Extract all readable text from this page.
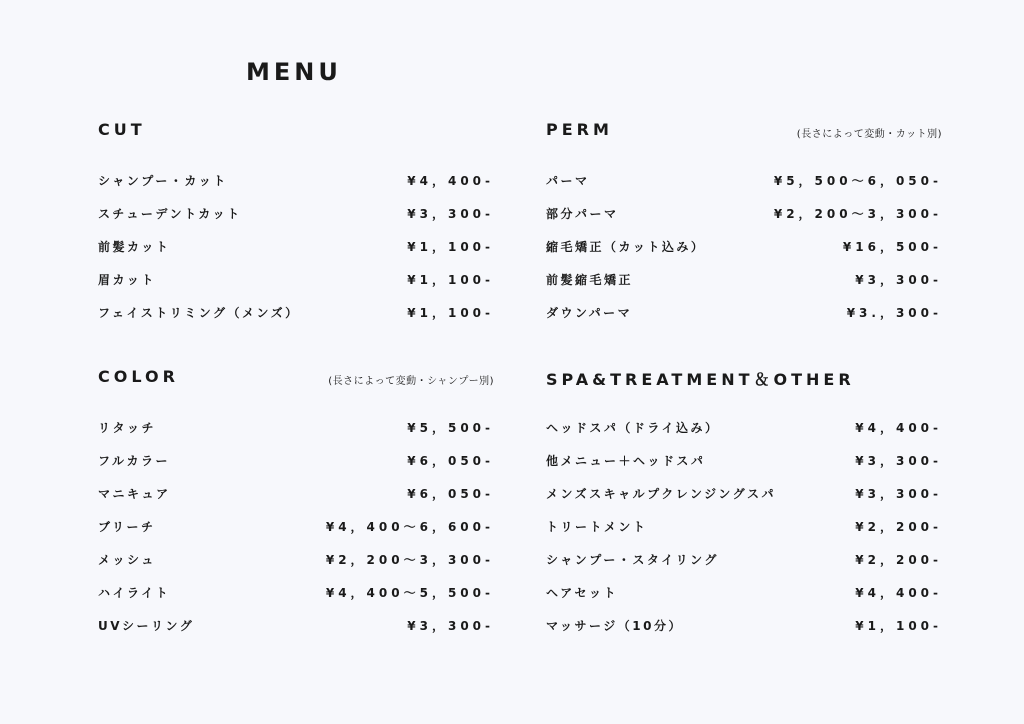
MENU
CUT
シャンプー・カット	¥4，400-
スチューデントカット	¥3，300-
前髪カット	¥1，100-
眉カット	¥1，100-
フェイストリミング（メンズ）	¥1，100-
PERM	(長さによって変動・カット別)
パーマ	¥5，500〜6，050-
部分パーマ	¥2，200〜3，300-
縮毛矯正（カット込み）	¥16，500-
前髪縮毛矯正	¥3，300-
ダウンパーマ	¥3.，300-
COLOR	(長さによって変動・シャンプー別)
リタッチ	¥5，500-
フルカラー	¥6，050-
マニキュア	¥6，050-
ブリーチ	¥4，400〜6，600-
メッシュ	¥2，200〜3，300-
ハイライト	¥4，400〜5，500-
UVシーリング	¥3，300-
SPA&TREATMENT＆OTHER
ヘッドスパ（ドライ込み）	¥4，400-
他メニュー＋ヘッドスパ	¥3，300-
メンズスキャルプクレンジングスパ	¥3，300-
トリートメント	¥2，200-
シャンプー・スタイリング	¥2，200-
ヘアセット	¥4，400-
マッサージ（10分）	¥1，100-
